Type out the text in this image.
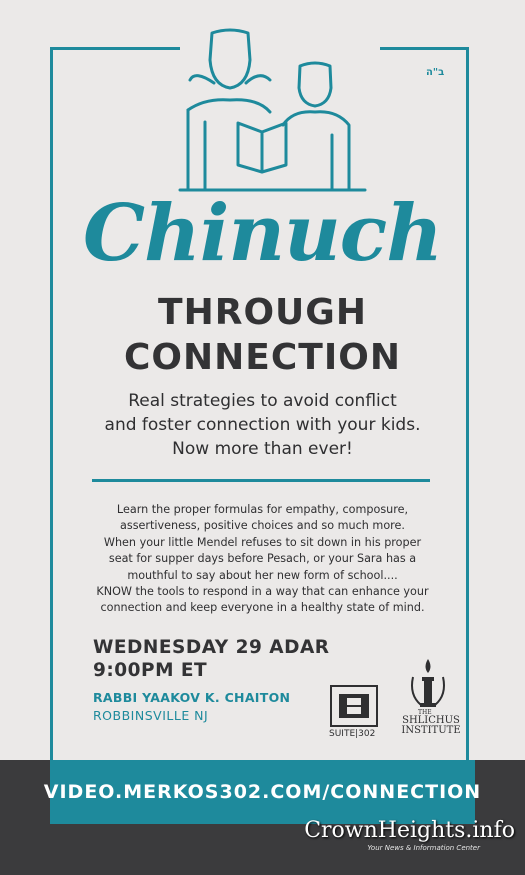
ב"ה
Chinuch
THROUGH
CONNECTION
Real strategies to avoid conflict
and foster connection with your kids.
Now more than ever!
Learn the proper formulas for empathy, composure,
assertiveness, positive choices and so much more.
When your little Mendel refuses to sit down in his proper
seat for supper days before Pesach, or your Sara has a
mouthful to say about her new form of school....
KNOW the tools to respond in a way that can enhance your
connection and keep everyone in a healthy state of mind.
WEDNESDAY 29 ADAR
9:00PM ET
RABBI YAAKOV K. CHAITON
ROBBINSVILLE NJ
SUITE|302
THE
SHLICHUS
INSTITUTE
VIDEO.MERKOS302.COM/CONNECTION
CrownHeights.info
Your News & Information Center
